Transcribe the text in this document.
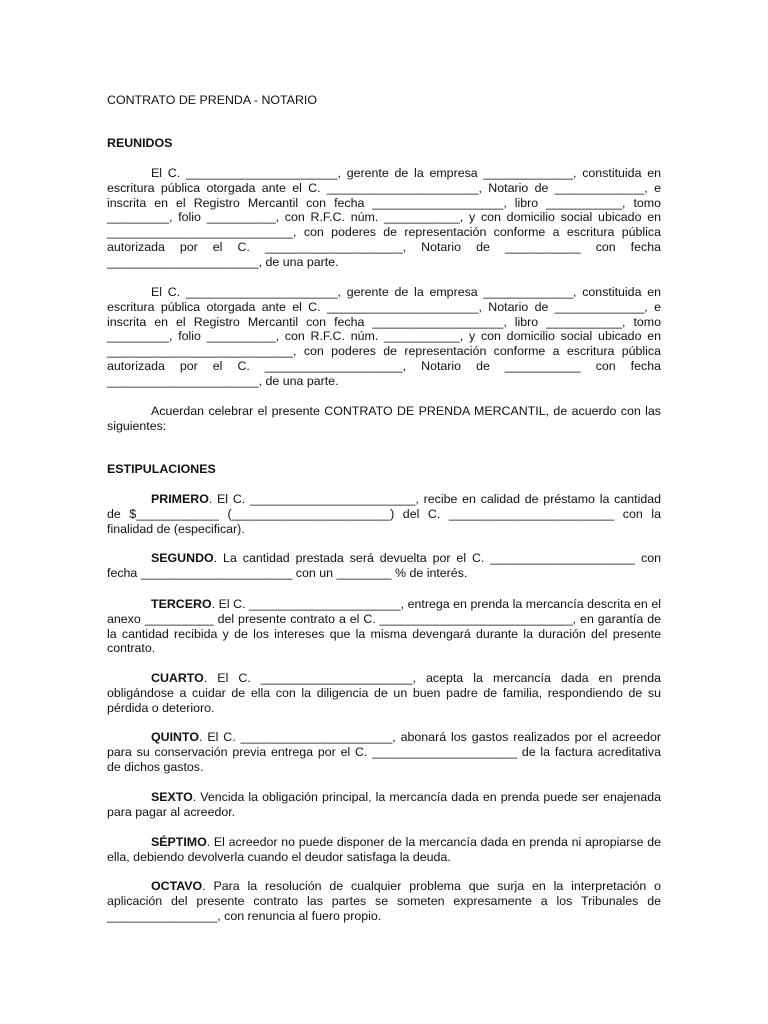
CONTRATO DE PRENDA - NOTARIO
REUNIDOS

El C. ______________________, gerente de la empresa _____________, constituida en escritura pública otorgada ante el C. ______________________, Notario de _____________, e inscrita en el Registro Mercantil con fecha ___________________, libro ___________, tomo _________, folio __________, con R.F.C. núm. ___________, y con domicilio social ubicado en ___________________________, con poderes de representación conforme a escritura pública autorizada por el C. ____________________, Notario de ___________ con fecha ______________________, de una parte.

El C. ______________________, gerente de la empresa _____________, constituida en escritura pública otorgada ante el C. ______________________, Notario de _____________, e inscrita en el Registro Mercantil con fecha ___________________, libro ___________, tomo _________, folio __________, con R.F.C. núm. ___________, y con domicilio social ubicado en ___________________________, con poderes de representación conforme a escritura pública autorizada por el C. ____________________, Notario de ___________ con fecha ______________________, de una parte.

Acuerdan celebrar el presente CONTRATO DE PRENDA MERCANTIL, de acuerdo con las siguientes:

ESTIPULACIONES

PRIMERO. El C. ________________________, recibe en calidad de préstamo la cantidad de $____________ (_______________________) del C. ________________________ con la finalidad de (especificar).

SEGUNDO. La cantidad prestada será devuelta por el C. _____________________ con fecha ______________________ con un ________ % de interés.

TERCERO. El C. ______________________, entrega en prenda la mercancía descrita en el anexo __________ del presente contrato a el C. ____________________________, en garantía de la cantidad recibida y de los intereses que la misma devengará durante la duración del presente contrato.

CUARTO. El C. ______________________, acepta la mercancía dada en prenda obligándose a cuidar de ella con la diligencia de un buen padre de familia, respondiendo de su pérdida o deterioro.

QUINTO. El C. ______________________, abonará los gastos realizados por el acreedor para su conservación previa entrega por el C. _____________________ de la factura acreditativa de dichos gastos.

SEXTO. Vencida la obligación principal, la mercancía dada en prenda puede ser enajenada para pagar al acreedor.

SÉPTIMO. El acreedor no puede disponer de la mercancía dada en prenda ni apropiarse de ella, debiendo devolverla cuando el deudor satisfaga la deuda.

OCTAVO. Para la resolución de cualquier problema que surja en la interpretación o aplicación del presente contrato las partes se someten expresamente a los Tribunales de ________________, con renuncia al fuero propio.
